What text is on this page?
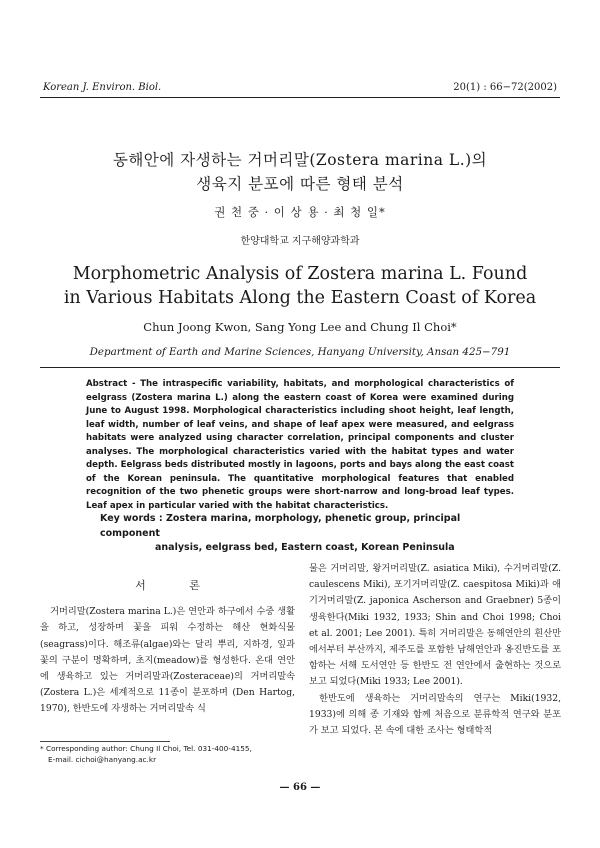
Korean J. Environ. Biol.	20(1) : 66−72(2002)
동해안에 자생하는 거머리말(Zostera marina L.)의
생육지 분포에 따른 형태 분석
권 천 중 · 이 상 용 · 최 청 일*
한양대학교 지구해양과학과
Morphometric Analysis of Zostera marina L. Found
in Various Habitats Along the Eastern Coast of Korea
Chun Joong Kwon, Sang Yong Lee and Chung Il Choi*
Department of Earth and Marine Sciences, Hanyang University, Ansan 425−791
Abstract - The intraspecific variability, habitats, and morphological characteristics of eelgrass (Zostera marina L.) along the eastern coast of Korea were examined during June to August 1998. Morphological characteristics including shoot height, leaf length, leaf width, number of leaf veins, and shape of leaf apex were measured, and eelgrass habitats were analyzed using character correlation, principal components and cluster analyses. The morphological characteristics varied with the habitat types and water depth. Eelgrass beds distributed mostly in lagoons, ports and bays along the east coast of the Korean peninsula. The quantitative morphological features that enabled recognition of the two phenetic groups were short-narrow and long-broad leaf types. Leaf apex in particular varied with the habitat characteristics.
Key words : Zostera marina, morphology, phenetic group, principal component
analysis, eelgrass bed, Eastern coast, Korean Peninsula
서 론

거머리말(Zostera marina L.)은 연안과 하구에서 수중 생활을 하고, 성장하며 꽃을 피워 수정하는 해산 현화식물(seagrass)이다. 해조류(algae)와는 달리 뿌리, 지하경, 잎과 꽃의 구분이 명확하며, 초지(meadow)를 형성한다. 온대 연안에 생육하고 있는 거머리말과(Zosteraceae)의 거머리말속(Zostera L.)은 세계적으로 11종이 분포하며 (Den Hartog, 1970), 한반도에 자생하는 거머리말속 식

물은 거머리말, 왕거머리말(Z. asiatica Miki), 수거머리말(Z. caulescens Miki), 포기거머리말(Z. caespitosa Miki)과 애기거머리말(Z. japonica Ascherson and Graebner) 5종이 생육한다(Miki 1932, 1933; Shin and Choi 1998; Choi et al. 2001; Lee 2001). 특히 거머리말은 동해연안의 흰산만에서부터 부산까지, 제주도를 포함한 남해연안과 옹진반도를 포함하는 서해 도서연안 등 한반도 전 연안에서 출현하는 것으로 보고 되었다(Miki 1933; Lee 2001).

한반도에 생육하는 거머리말속의 연구는 Miki(1932, 1933)에 의해 종 기재와 함께 처음으로 분류학적 연구와 분포가 보고 되었다. 본 속에 대한 조사는 형태학적

* Corresponding author: Chung Il Choi, Tel. 031-400-4155,
E-mail. cichoi@hanyang.ac.kr
— 66 —
